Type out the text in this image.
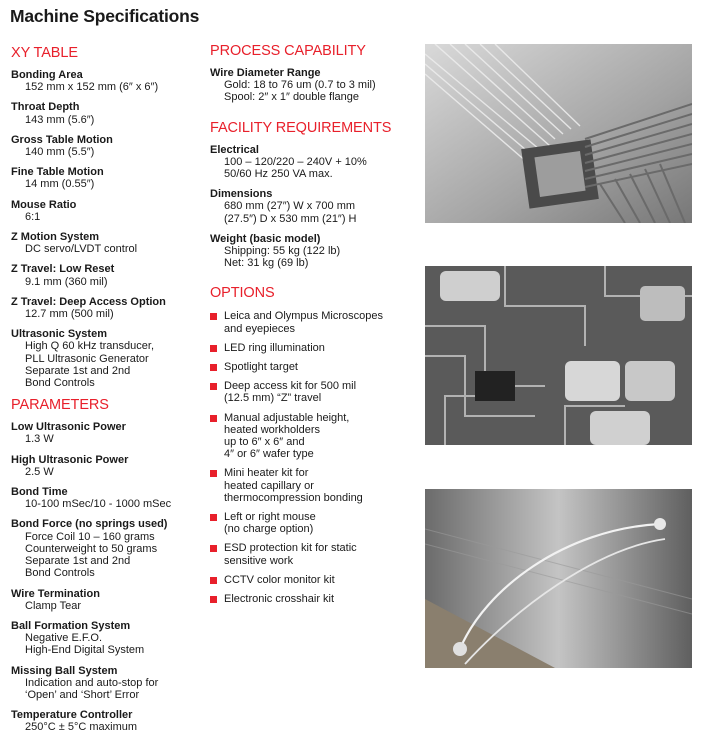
Machine Specifications
XY TABLE
Bonding Area
152 mm x 152 mm (6″ x 6″)
Throat Depth
143 mm (5.6″)
Gross Table Motion
140 mm (5.5″)
Fine Table Motion
14 mm (0.55″)
Mouse Ratio
6:1
Z Motion System
DC servo/LVDT control
Z Travel: Low Reset
9.1 mm (360 mil)
Z Travel: Deep Access Option
12.7 mm (500 mil)
Ultrasonic System
High Q 60 kHz transducer,
PLL Ultrasonic Generator
Separate 1st and 2nd
Bond Controls
PARAMETERS
Low Ultrasonic Power
1.3 W
High Ultrasonic Power
2.5 W
Bond Time
10-100 mSec/10 - 1000 mSec
Bond Force (no springs used)
Force Coil 10 – 160 grams
Counterweight to 50 grams
Separate 1st and 2nd
Bond Controls
Wire Termination
Clamp Tear
Ball Formation System
Negative E.F.O.
High-End Digital System
Missing Ball System
Indication and auto-stop for
‘Open’ and ‘Short’ Error
Temperature Controller
250°C ± 5°C maximum
PROCESS CAPABILITY
Wire Diameter Range
Gold: 18 to 76 um (0.7 to 3 mil)
Spool: 2″ x 1″ double flange
FACILITY REQUIREMENTS
Electrical
100 – 120/220 – 240V + 10%
50/60 Hz 250 VA max.
Dimensions
680 mm (27″) W x 700 mm
(27.5″) D x 530 mm (21″) H
Weight (basic model)
Shipping: 55 kg (122 lb)
Net: 31 kg (69 lb)
OPTIONS
Leica and Olympus Microscopes
and eyepieces
LED ring illumination
Spotlight target
Deep access kit for 500 mil
(12.5 mm) “Z” travel
Manual adjustable height,
heated workholders
up to 6″ x 6″ and
4″ or 6″ wafer type
Mini heater kit for
heated capillary or
thermocompression bonding
Left or right mouse
(no charge option)
ESD protection kit for static
sensitive work
CCTV color monitor kit
Electronic crosshair kit
